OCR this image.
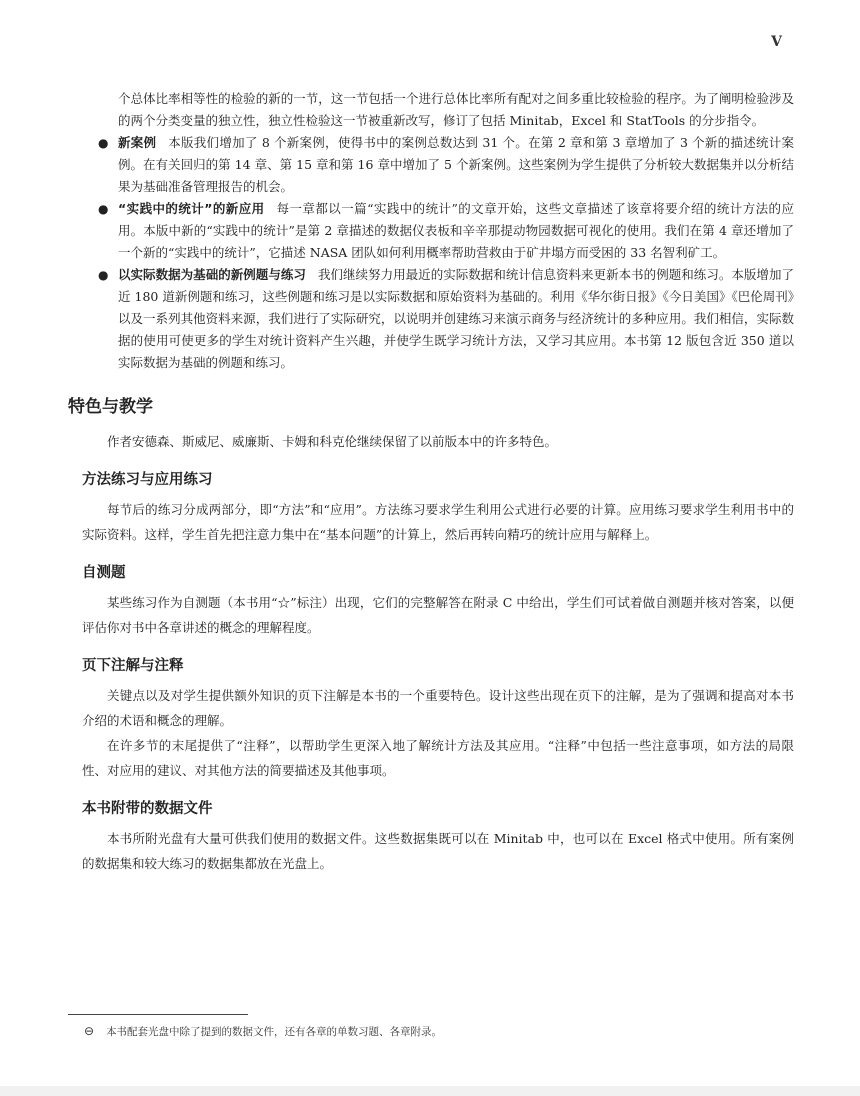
V

个总体比率相等性的检验的新的一节，这一节包括一个进行总体比率所有配对之间多重比较检验的程序。为了阐明检验涉及的两个分类变量的独立性，独立性检验这一节被重新改写，修订了包括 Minitab，Excel 和 StatTools 的分步指令。

● 新案例 本版我们增加了 8 个新案例，使得书中的案例总数达到 31 个。在第 2 章和第 3 章增加了 3 个新的描述统计案例。在有关回归的第 14 章、第 15 章和第 16 章中增加了 5 个新案例。这些案例为学生提供了分析较大数据集并以分析结果为基础准备管理报告的机会。
● “实践中的统计”的新应用 每一章都以一篇“实践中的统计”的文章开始，这些文章描述了该章将要介绍的统计方法的应用。本版中新的“实践中的统计”是第 2 章描述的数据仪表板和辛辛那提动物园数据可视化的使用。我们在第 4 章还增加了一个新的“实践中的统计”，它描述 NASA 团队如何利用概率帮助营救由于矿井塌方而受困的 33 名智利矿工。
● 以实际数据为基础的新例题与练习 我们继续努力用最近的实际数据和统计信息资料来更新本书的例题和练习。本版增加了近 180 道新例题和练习，这些例题和练习是以实际数据和原始资料为基础的。利用《华尔街日报》《今日美国》《巴伦周刊》以及一系列其他资料来源，我们进行了实际研究，以说明并创建练习来演示商务与经济统计的多种应用。我们相信，实际数据的使用可使更多的学生对统计资料产生兴趣，并使学生既学习统计方法，又学习其应用。本书第 12 版包含近 350 道以实际数据为基础的例题和练习。
特色与教学

作者安德森、斯威尼、威廉斯、卡姆和科克伦继续保留了以前版本中的许多特色。

方法练习与应用练习

每节后的练习分成两部分，即“方法”和“应用”。方法练习要求学生利用公式进行必要的计算。应用练习要求学生利用书中的实际资料。这样，学生首先把注意力集中在“基本问题”的计算上，然后再转向精巧的统计应用与解释上。

自测题

某些练习作为自测题（本书用“☆”标注）出现，它们的完整解答在附录 C 中给出，学生们可试着做自测题并核对答案，以便评估你对书中各章讲述的概念的理解程度。

页下注解与注释

关键点以及对学生提供额外知识的页下注解是本书的一个重要特色。设计这些出现在页下的注解，是为了强调和提高对本书介绍的术语和概念的理解。

在许多节的末尾提供了“注释”，以帮助学生更深入地了解统计方法及其应用。“注释”中包括一些注意事项，如方法的局限性、对应用的建议、对其他方法的简要描述及其他事项。

本书附带的数据文件

本书所附光盘有大量可供我们使用的数据文件。这些数据集既可以在 Minitab 中，也可以在 Excel 格式中使用。所有案例的数据集和较大练习的数据集都放在光盘上。

⊖ 本书配套光盘中除了提到的数据文件，还有各章的单数习题、各章附录。
